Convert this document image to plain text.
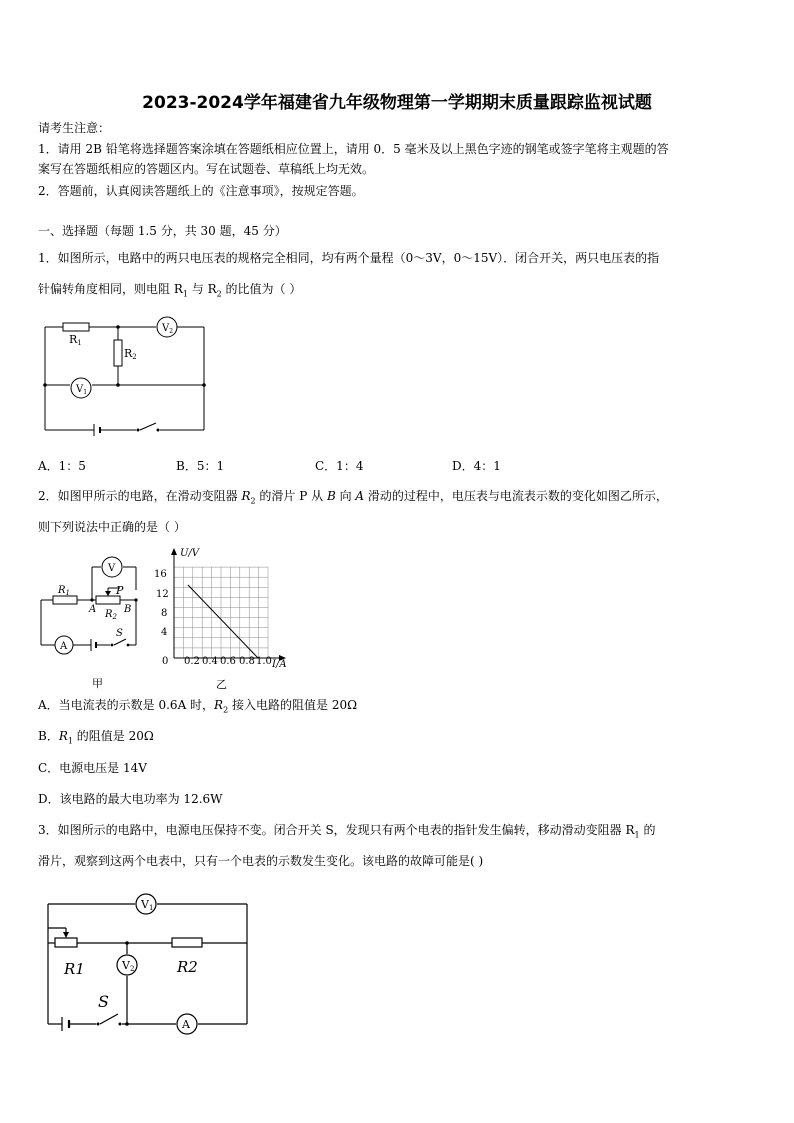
2023-2024学年福建省九年级物理第一学期期末质量跟踪监视试题
请考生注意：
1．请用 2B 铅笔将选择题答案涂填在答题纸相应位置上，请用 0．5 毫米及以上黑色字迹的钢笔或签字笔将主观题的答
案写在答题纸相应的答题区内。写在试题卷、草稿纸上均无效。
2．答题前，认真阅读答题纸上的《注意事项》，按规定答题。
一、选择题（每题 1.5 分，共 30 题，45 分）
1．如图所示，电路中的两只电压表的规格完全相同，均有两个量程（0～3V，0～15V）．闭合开关，两只电压表的指
针偏转角度相同，则电阻 $R_1$ 与 $R_2$ 的比值为（ ）
R1
R2
$V_2$
$V_1$
A．1：5	B．5：1	C．1：4	D．4：1
2．如图甲所示的电路，在滑动变阻器 $R_2$ 的滑片 P 从 B 向 A 滑动的过程中，电压表与电流表示数的变化如图乙所示，
则下列说法中正确的是（ ）
V
P
$R_1$
$R_2$
A	B
A
S
甲
U/V
I/A
16
12
8
4
0 0.2 0.4 0.6 0.8 1.0
乙
A．当电流表的示数是 0.6A 时，$R_2$ 接入电路的阻值是 20Ω
B．$R_1$ 的阻值是 20Ω
C．电源电压是 14V
D．该电路的最大电功率为 12.6W
3．如图所示的电路中，电源电压保持不变。闭合开关 S，发现只有两个电表的指针发生偏转，移动滑动变阻器 $R_1$ 的
滑片，观察到这两个电表中，只有一个电表的示数发生变化。该电路的故障可能是( )
V1
V2
R1	R2
S
A
